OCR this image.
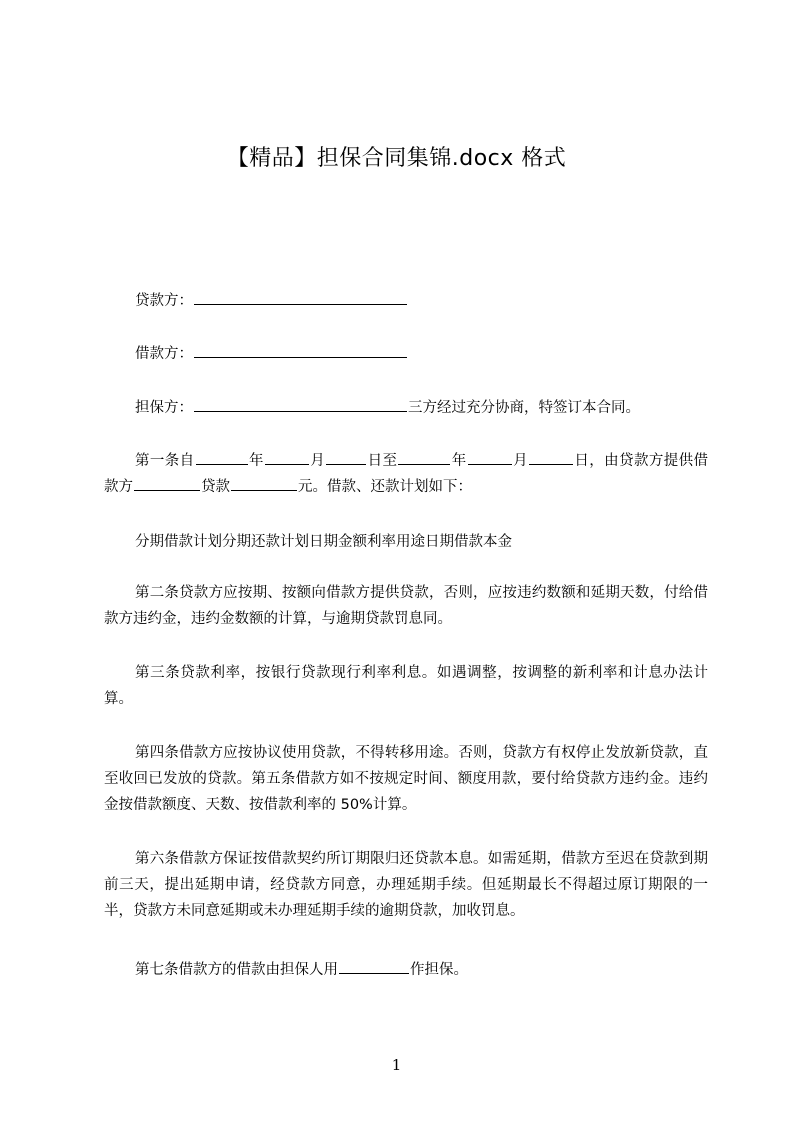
【精品】担保合同集锦.docx 格式
贷款方：
借款方：
担保方：	三方经过充分协商，特签订本合同。
第一条自	年	月	日至	年	月	日，由贷款方提供借款方	贷款	元。借款、还款计划如下：
分期借款计划分期还款计划日期金额利率用途日期借款本金
第二条贷款方应按期、按额向借款方提供贷款，否则，应按违约数额和延期天数，付给借款方违约金，违约金数额的计算，与逾期贷款罚息同。
第三条贷款利率，按银行贷款现行利率利息。如遇调整，按调整的新利率和计息办法计算。
第四条借款方应按协议使用贷款，不得转移用途。否则，贷款方有权停止发放新贷款，直至收回已发放的贷款。第五条借款方如不按规定时间、额度用款，要付给贷款方违约金。违约金按借款额度、天数、按借款利率的 50%计算。
第六条借款方保证按借款契约所订期限归还贷款本息。如需延期，借款方至迟在贷款到期前三天，提出延期申请，经贷款方同意，办理延期手续。但延期最长不得超过原订期限的一半，贷款方未同意延期或未办理延期手续的逾期贷款，加收罚息。
第七条借款方的借款由担保人用	作担保。
1
